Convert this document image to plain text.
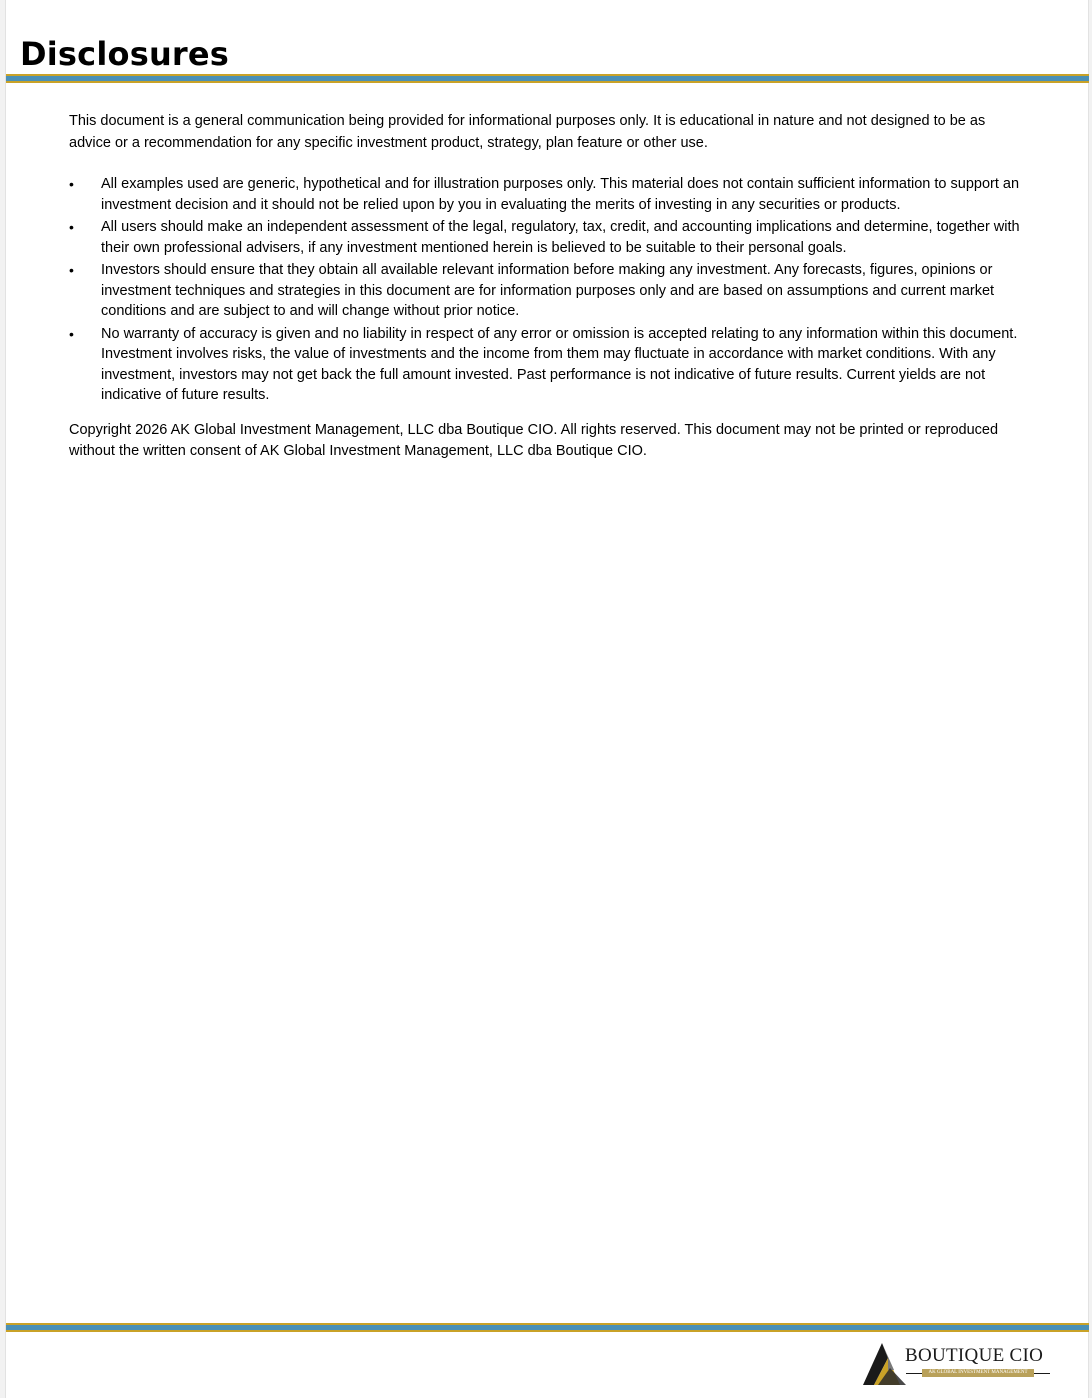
Disclosures

This document is a general communication being provided for informational purposes only. It is educational in nature and not designed to be as advice or a recommendation for any specific investment product, strategy, plan feature or other use.

•	All examples used are generic, hypothetical and for illustration purposes only. This material does not contain sufficient information to support an investment decision and it should not be relied upon by you in evaluating the merits of investing in any securities or products.
•	All users should make an independent assessment of the legal, regulatory, tax, credit, and accounting implications and determine, together with their own professional advisers, if any investment mentioned herein is believed to be suitable to their personal goals.
•	Investors should ensure that they obtain all available relevant information before making any investment. Any forecasts, figures, opinions or investment techniques and strategies in this document are for information purposes only and are based on assumptions and current market conditions and are subject to and will change without prior notice.
•	No warranty of accuracy is given and no liability in respect of any error or omission is accepted relating to any information within this document. Investment involves risks, the value of investments and the income from them may fluctuate in accordance with market conditions. With any investment, investors may not get back the full amount invested. Past performance is not indicative of future results. Current yields are not indicative of future results.

Copyright 2026 AK Global Investment Management, LLC dba Boutique CIO. All rights reserved. This document may not be printed or reproduced without the written consent of AK Global Investment Management, LLC dba Boutique CIO.

BOUTIQUE CIO
AK GLOBAL INVESTMENT MANAGEMENT
